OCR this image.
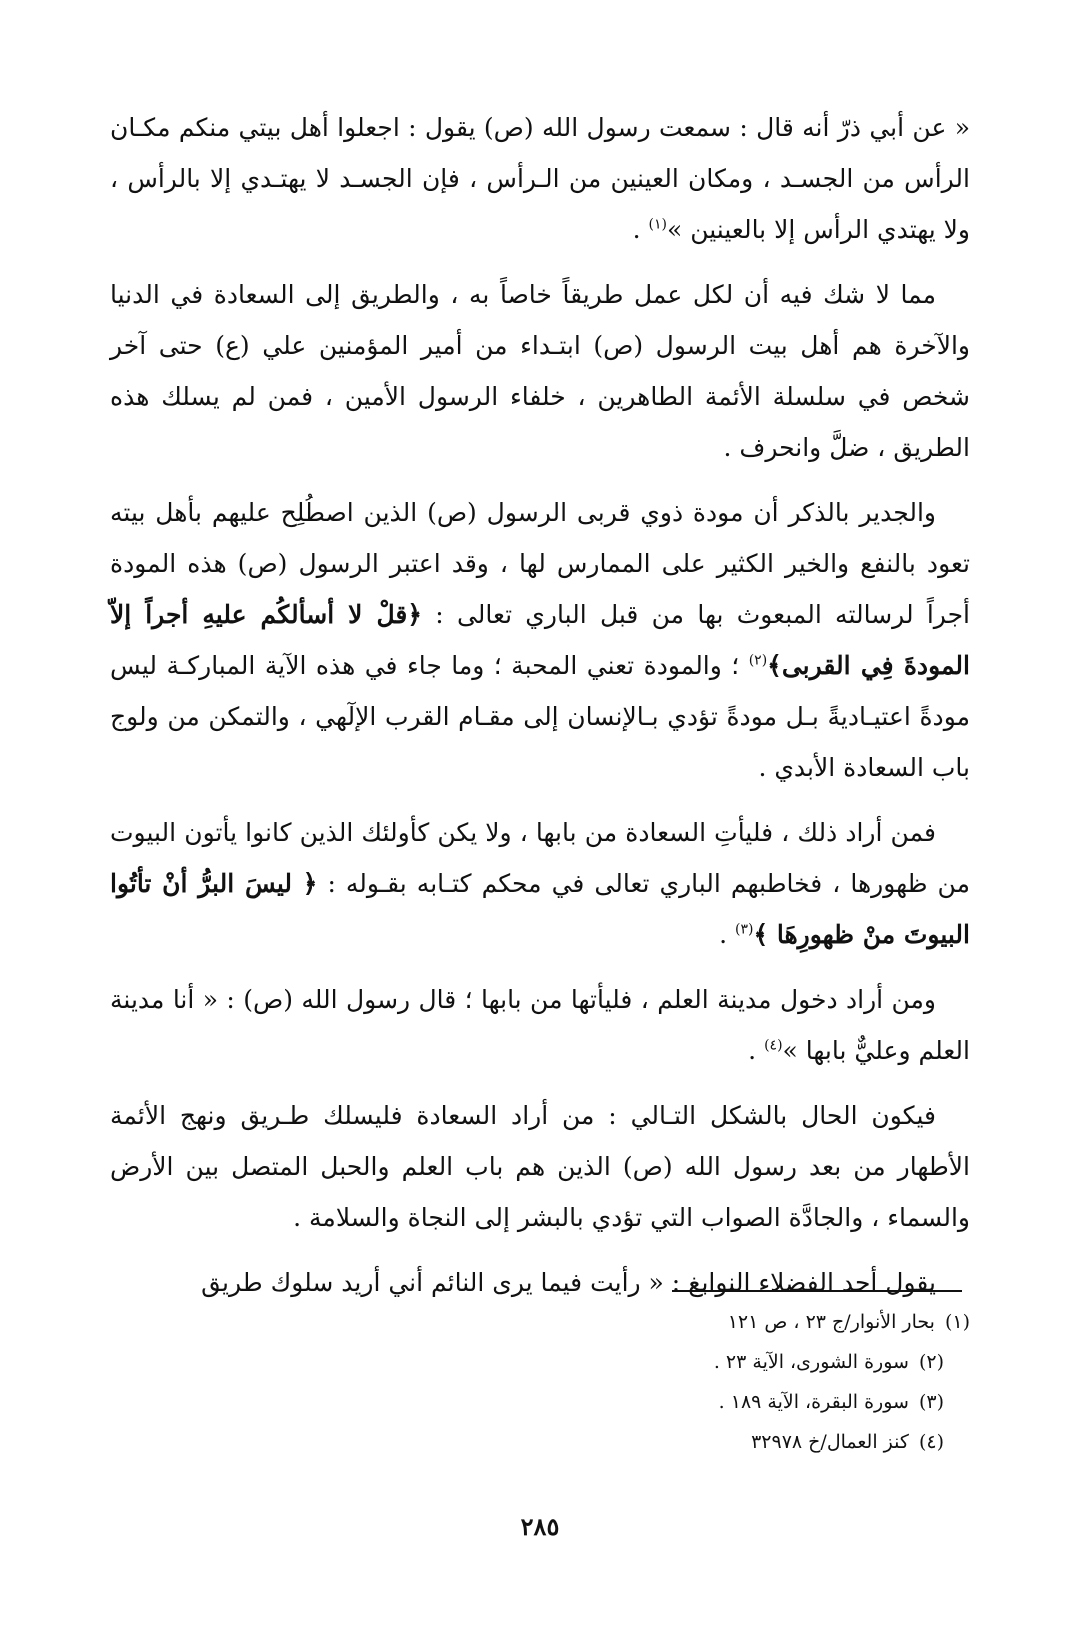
« عن أبي ذرّ أنه قال : سمعت رسول الله (ص) يقول : اجعلوا أهل بيتي منكم مكـان الرأس من الجسـد ، ومكان العينين من الـرأس ، فإن الجسـد لا يهتـدي إلا بالرأس ، ولا يهتدي الرأس إلا بالعينين »$^{(١)}$ .

مما لا شك فيه أن لكل عمل طريقاً خاصاً به ، والطريق إلى السعادة في الدنيا والآخرة هم أهل بيت الرسول (ص) ابتـداء من أمير المؤمنين علي (ع) حتى آخر شخص في سلسلة الأئمة الطاهرين ، خلفاء الرسول الأمين ، فمن لم يسلك هذه الطريق ، ضلَّ وانحرف .

والجدير بالذكر أن مودة ذوي قربى الرسول (ص) الذين اصطُلِح عليهم بأهل بيته تعود بالنفع والخير الكثير على الممارس لها ، وقد اعتبر الرسول (ص) هذه المودة أجراً لرسالته المبعوث بها من قبل الباري تعالى : ﴿قلْ لا أسألكُم عليهِ أجراً إلاّ المودةَ فِي القربى﴾$^{(٢)}$ ؛ والمودة تعني المحبة ؛ وما جاء في هذه الآية المباركـة ليس مودةً اعتيـاديةً بـل مودةً تؤدي بـالإنسان إلى مقـام القرب الإلٓهي ، والتمكن من ولوج باب السعادة الأبدي .

فمن أراد ذلك ، فليأتِ السعادة من بابها ، ولا يكن كأولئك الذين كانوا يأتون البيوت من ظهورها ، فخاطبهم الباري تعالى في محكم كتـابه بقـوله : ﴿ ليسَ البرُّ أنْ تأتُوا البيوتَ منْ ظهورِهَا ﴾$^{(٣)}$ .

ومن أراد دخول مدينة العلم ، فليأتها من بابها ؛ قال رسول الله (ص) : « أنا مدينة العلم وعليٌّ بابها »$^{(٤)}$ .

فيكون الحال بالشكل التـالي : من أراد السعادة فليسلك طـريق ونهج الأئمة الأطهار من بعد رسول الله (ص) الذين هم باب العلم والحبل المتصل بين الأرض والسماء ، والجادَّة الصواب التي تؤدي بالبشر إلى النجاة والسلامة .

يقول أحد الفضلاء النوابغ : « رأيت فيما يرى النائم أني أريد سلوك طريق

(١)بحار الأنوار/ج ٢٣ ، ص ١٢١

(٢)سورة الشورى، الآية ٢٣ .

(٣)سورة البقرة، الآية ١٨٩ .

(٤)كنز العمال/خ ٣٢٩٧٨

٢٨٥
